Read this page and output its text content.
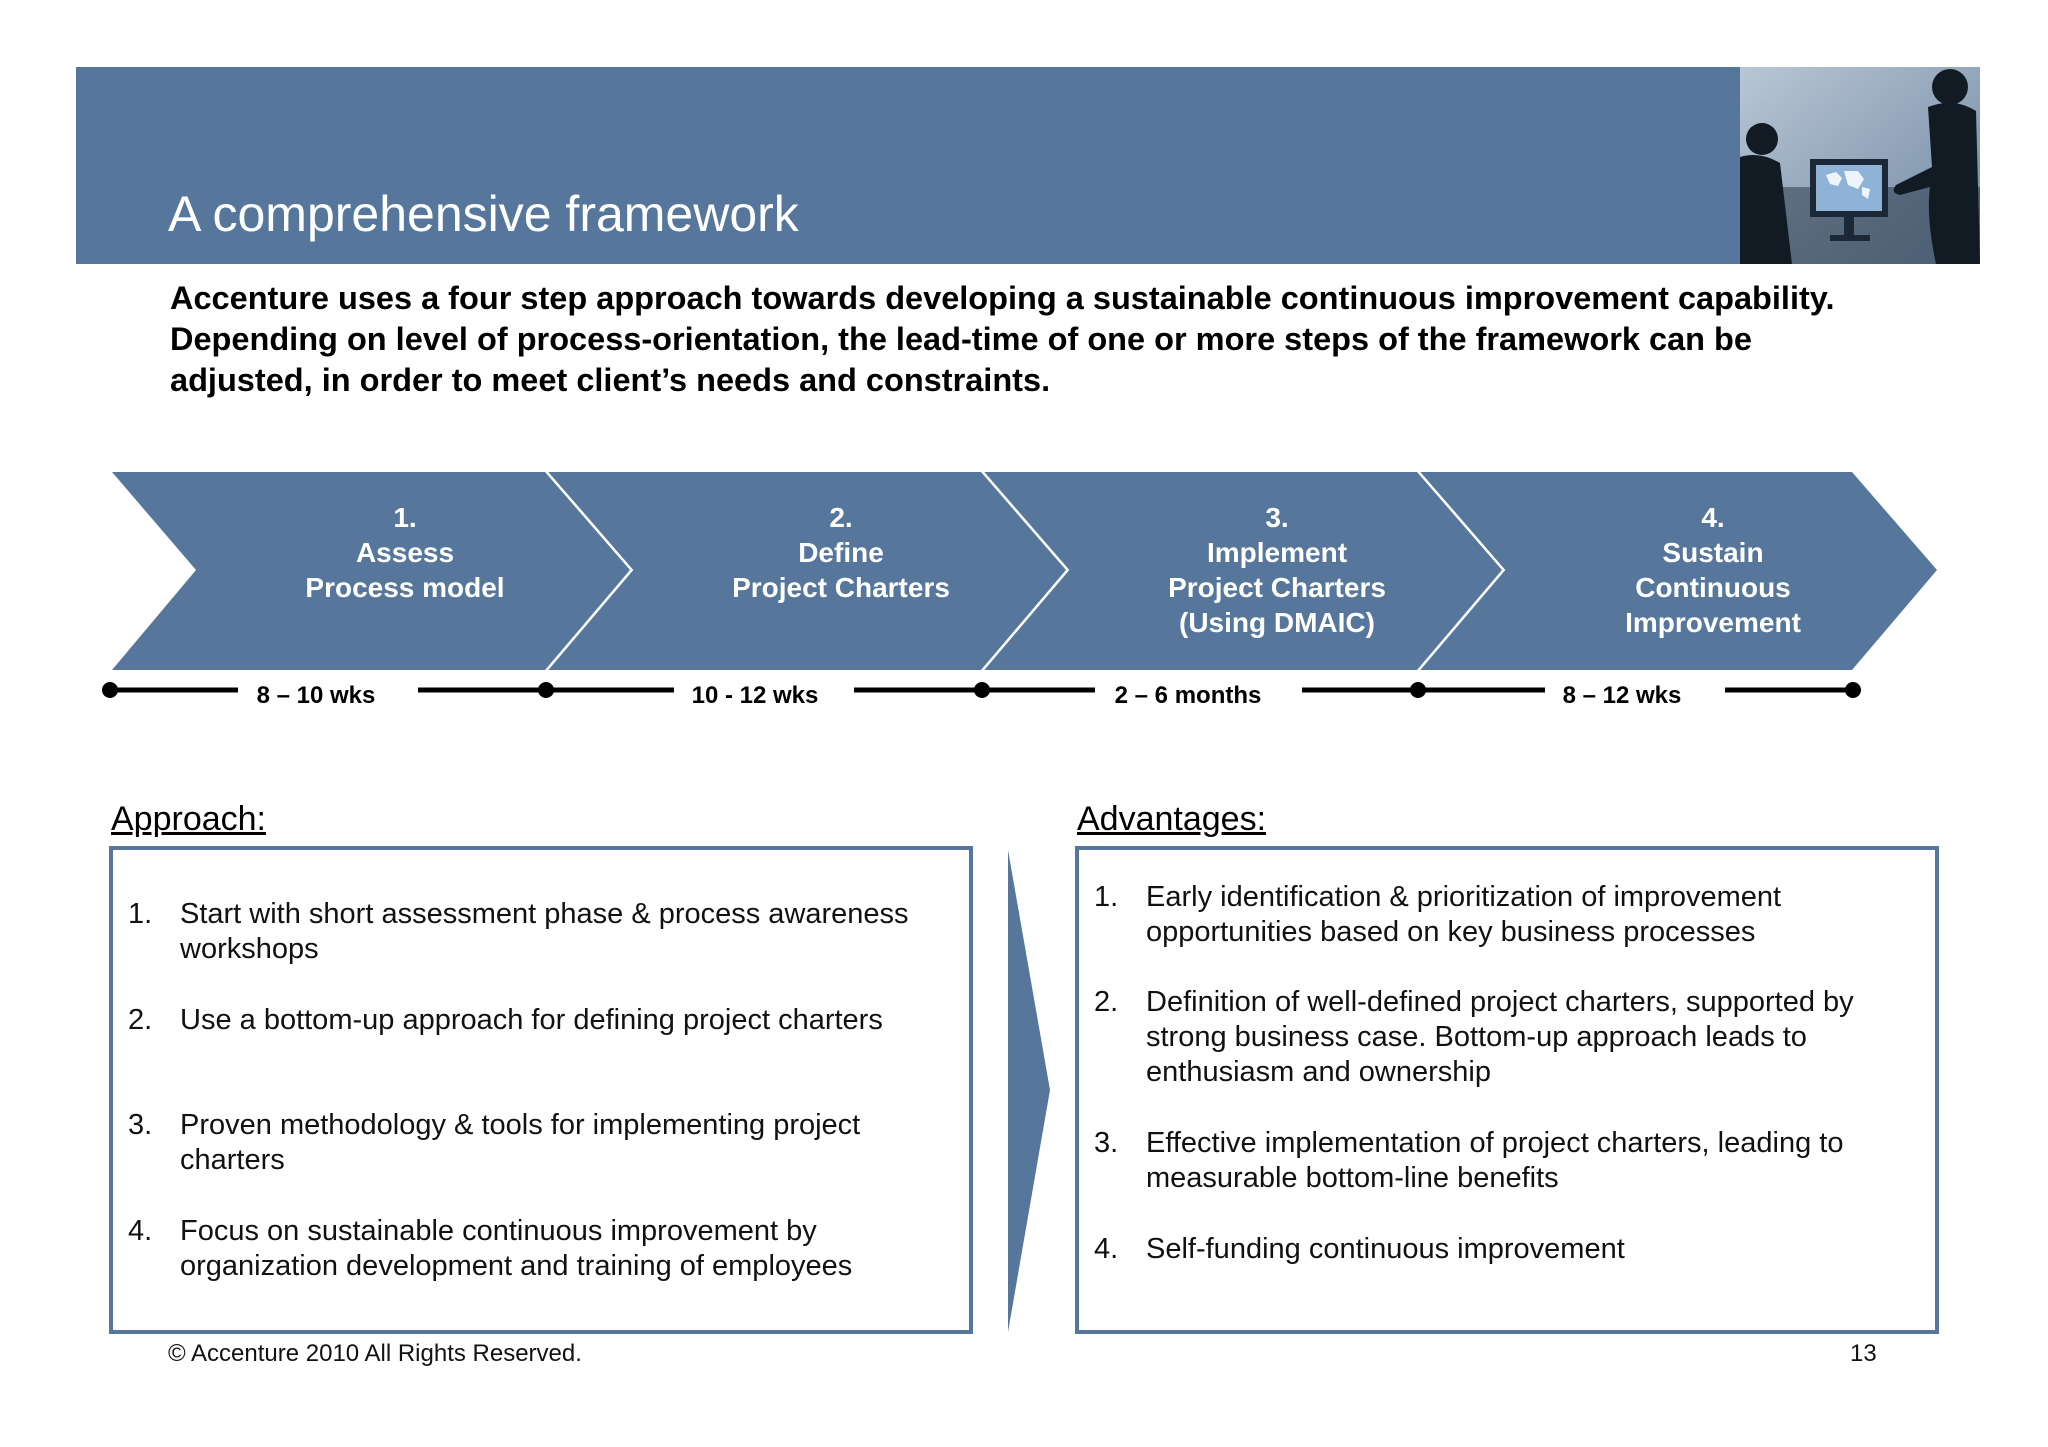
A comprehensive framework
Accenture uses a four step approach towards developing a sustainable continuous improvement capability.
Depending on level of process-orientation, the lead-time of one or more steps of the framework can be
adjusted, in order to meet client’s needs and constraints.
1.
Assess
Process model
2.
Define
Project Charters
3.
Implement
Project Charters
(Using DMAIC)
4.
Sustain
Continuous
Improvement
8 – 10 wks	10 - 12 wks	2 – 6 months	8 – 12 wks
Approach:
1. Start with short assessment phase & process awareness
workshops
2. Use a bottom-up approach for defining project charters
3. Proven methodology & tools for implementing project
charters
4. Focus on sustainable continuous improvement by
organization development and training of employees
Advantages:
1. Early identification & prioritization of improvement
opportunities based on key business processes
2. Definition of well-defined project charters, supported by
strong business case. Bottom-up approach leads to
enthusiasm and ownership
3. Effective implementation of project charters, leading to
measurable bottom-line benefits
4. Self-funding continuous improvement
© Accenture 2010 All Rights Reserved.	13
